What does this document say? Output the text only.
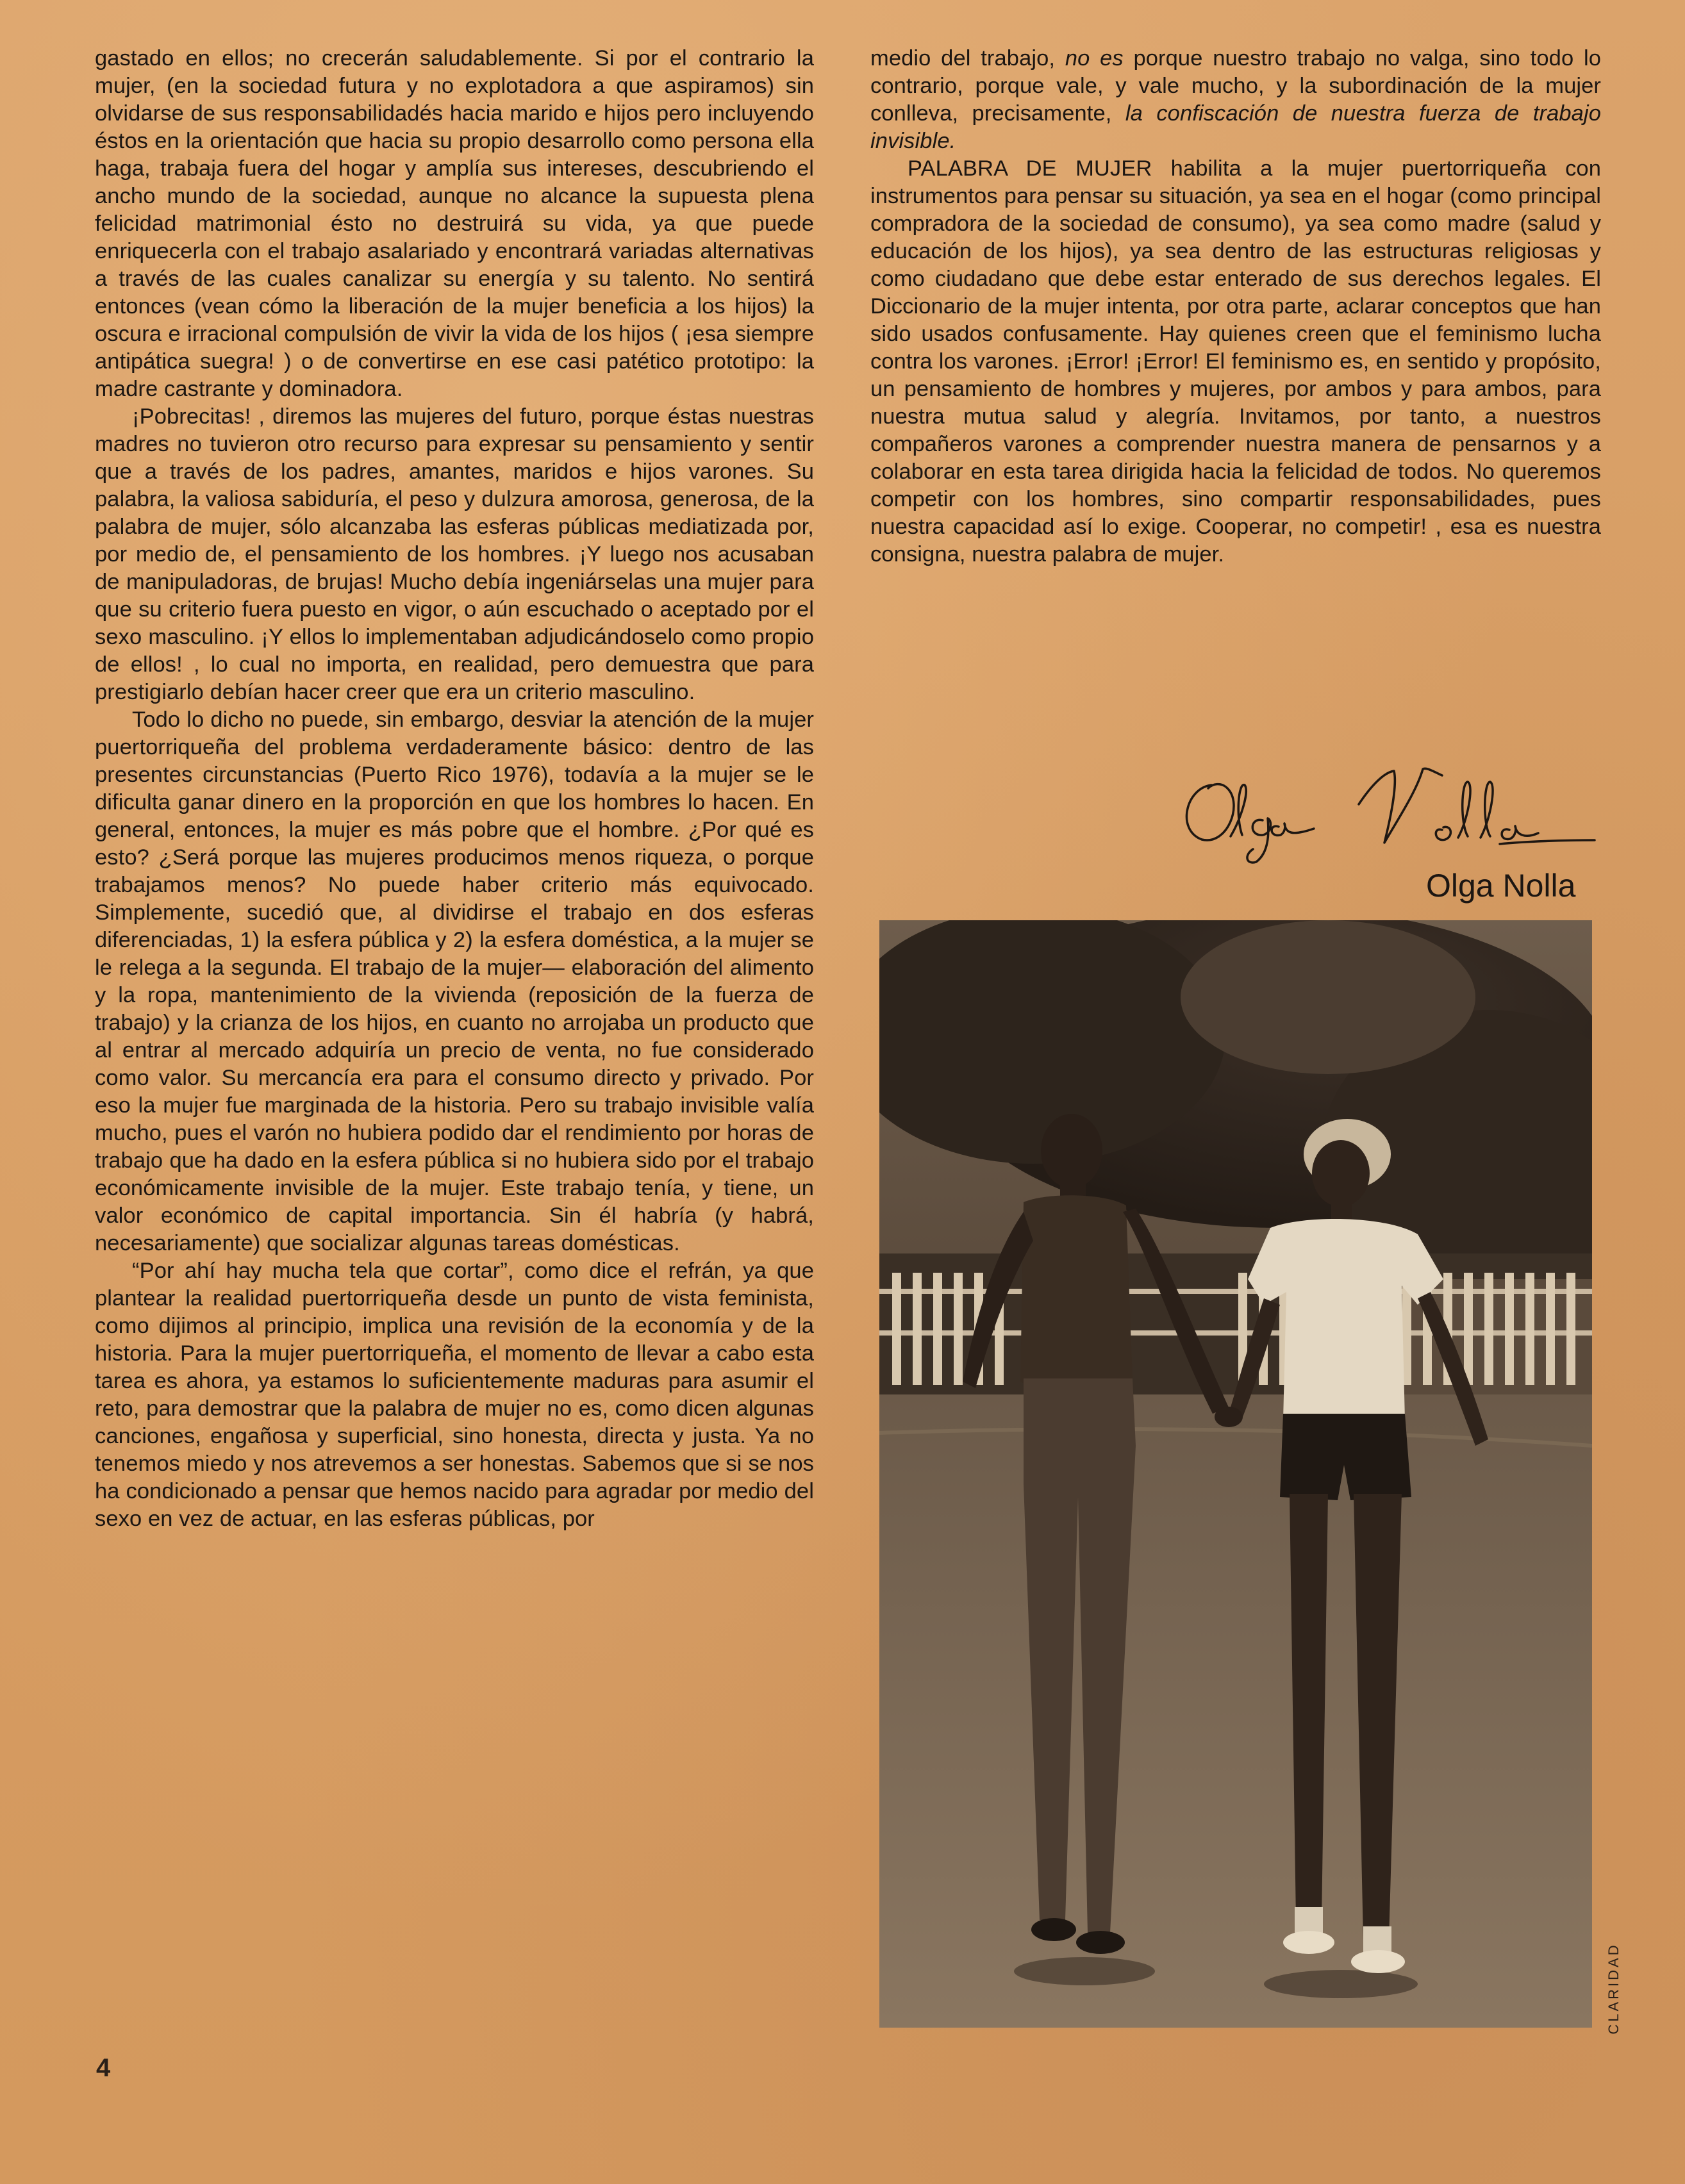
gastado en ellos; no crecerán saludablemente. Si por el contrario la mujer, (en la sociedad futura y no explotadora a que aspiramos) sin olvidarse de sus responsabilidadés hacia marido e hijos pero incluyendo éstos en la orientación que hacia su propio desarrollo como persona ella haga, trabaja fuera del hogar y amplía sus intereses, descubriendo el ancho mundo de la sociedad, aunque no alcance la supuesta plena felicidad matrimonial ésto no destruirá su vida, ya que puede enriquecerla con el trabajo asalariado y encontrará variadas alternativas a través de las cuales canalizar su energía y su talento. No sentirá entonces (vean cómo la liberación de la mujer beneficia a los hijos) la oscura e irracional compulsión de vivir la vida de los hijos ( ¡esa siempre antipática suegra! ) o de convertirse en ese casi patético prototipo: la madre castrante y dominadora.

¡Pobrecitas! , diremos las mujeres del futuro, porque éstas nuestras madres no tuvieron otro recurso para expresar su pensamiento y sentir que a través de los padres, amantes, maridos e hijos varones. Su palabra, la valiosa sabiduría, el peso y dulzura amorosa, generosa, de la palabra de mujer, sólo alcanzaba las esferas públicas mediatizada por, por medio de, el pensamiento de los hombres. ¡Y luego nos acusaban de manipuladoras, de brujas! Mucho debía ingeniárselas una mujer para que su criterio fuera puesto en vigor, o aún escuchado o aceptado por el sexo masculino. ¡Y ellos lo implementaban adjudicándoselo como propio de ellos! , lo cual no importa, en realidad, pero demuestra que para prestigiarlo debían hacer creer que era un criterio masculino.

Todo lo dicho no puede, sin embargo, desviar la atención de la mujer puertorriqueña del problema verdaderamente básico: dentro de las presentes circunstancias (Puerto Rico 1976), todavía a la mujer se le dificulta ganar dinero en la proporción en que los hombres lo hacen. En general, entonces, la mujer es más pobre que el hombre. ¿Por qué es esto? ¿Será porque las mujeres producimos menos riqueza, o porque trabajamos menos? No puede haber criterio más equivocado. Simplemente, sucedió que, al dividirse el trabajo en dos esferas diferenciadas, 1) la esfera pública y 2) la esfera doméstica, a la mujer se le relega a la segunda. El trabajo de la mujer— elaboración del alimento y la ropa, mantenimiento de la vivienda (reposición de la fuerza de trabajo) y la crianza de los hijos, en cuanto no arrojaba un producto que al entrar al mercado adquiría un precio de venta, no fue considerado como valor. Su mercancía era para el consumo directo y privado. Por eso la mujer fue marginada de la historia. Pero su trabajo invisible valía mucho, pues el varón no hubiera podido dar el rendimiento por horas de trabajo que ha dado en la esfera pública si no hubiera sido por el trabajo económicamente invisible de la mujer. Este trabajo tenía, y tiene, un valor económico de capital importancia. Sin él habría (y habrá, necesariamente) que socializar algunas tareas domésticas.

“Por ahí hay mucha tela que cortar”, como dice el refrán, ya que plantear la realidad puertorriqueña desde un punto de vista feminista, como dijimos al principio, implica una revisión de la economía y de la historia. Para la mujer puertorriqueña, el momento de llevar a cabo esta tarea es ahora, ya estamos lo suficientemente maduras para asumir el reto, para demostrar que la palabra de mujer no es, como dicen algunas canciones, engañosa y superficial, sino honesta, directa y justa. Ya no tenemos miedo y nos atrevemos a ser honestas. Sabemos que si se nos ha condicionado a pensar que hemos nacido para agradar por medio del sexo en vez de actuar, en las esferas públicas, por

medio del trabajo, no es porque nuestro trabajo no valga, sino todo lo contrario, porque vale, y vale mucho, y la subordinación de la mujer conlleva, precisamente, la confiscación de nuestra fuerza de trabajo invisible.

PALABRA DE MUJER habilita a la mujer puertorriqueña con instrumentos para pensar su situación, ya sea en el hogar (como principal compradora de la sociedad de consumo), ya sea como madre (salud y educación de los hijos), ya sea dentro de las estructuras religiosas y como ciudadano que debe estar enterado de sus derechos legales. El Diccionario de la mujer intenta, por otra parte, aclarar conceptos que han sido usados confusamente. Hay quienes creen que el feminismo lucha contra los varones. ¡Error! ¡Error! El feminismo es, en sentido y propósito, un pensamiento de hombres y mujeres, por ambos y para ambos, para nuestra mutua salud y alegría. Invitamos, por tanto, a nuestros compañeros varones a comprender nuestra manera de pensarnos y a colaborar en esta tarea dirigida hacia la felicidad de todos. No queremos competir con los hombres, sino compartir responsabilidades, pues nuestra capacidad así lo exige. Cooperar, no competir! , esa es nuestra consigna, nuestra palabra de mujer.

Olga Nolla
CLARIDAD
4
